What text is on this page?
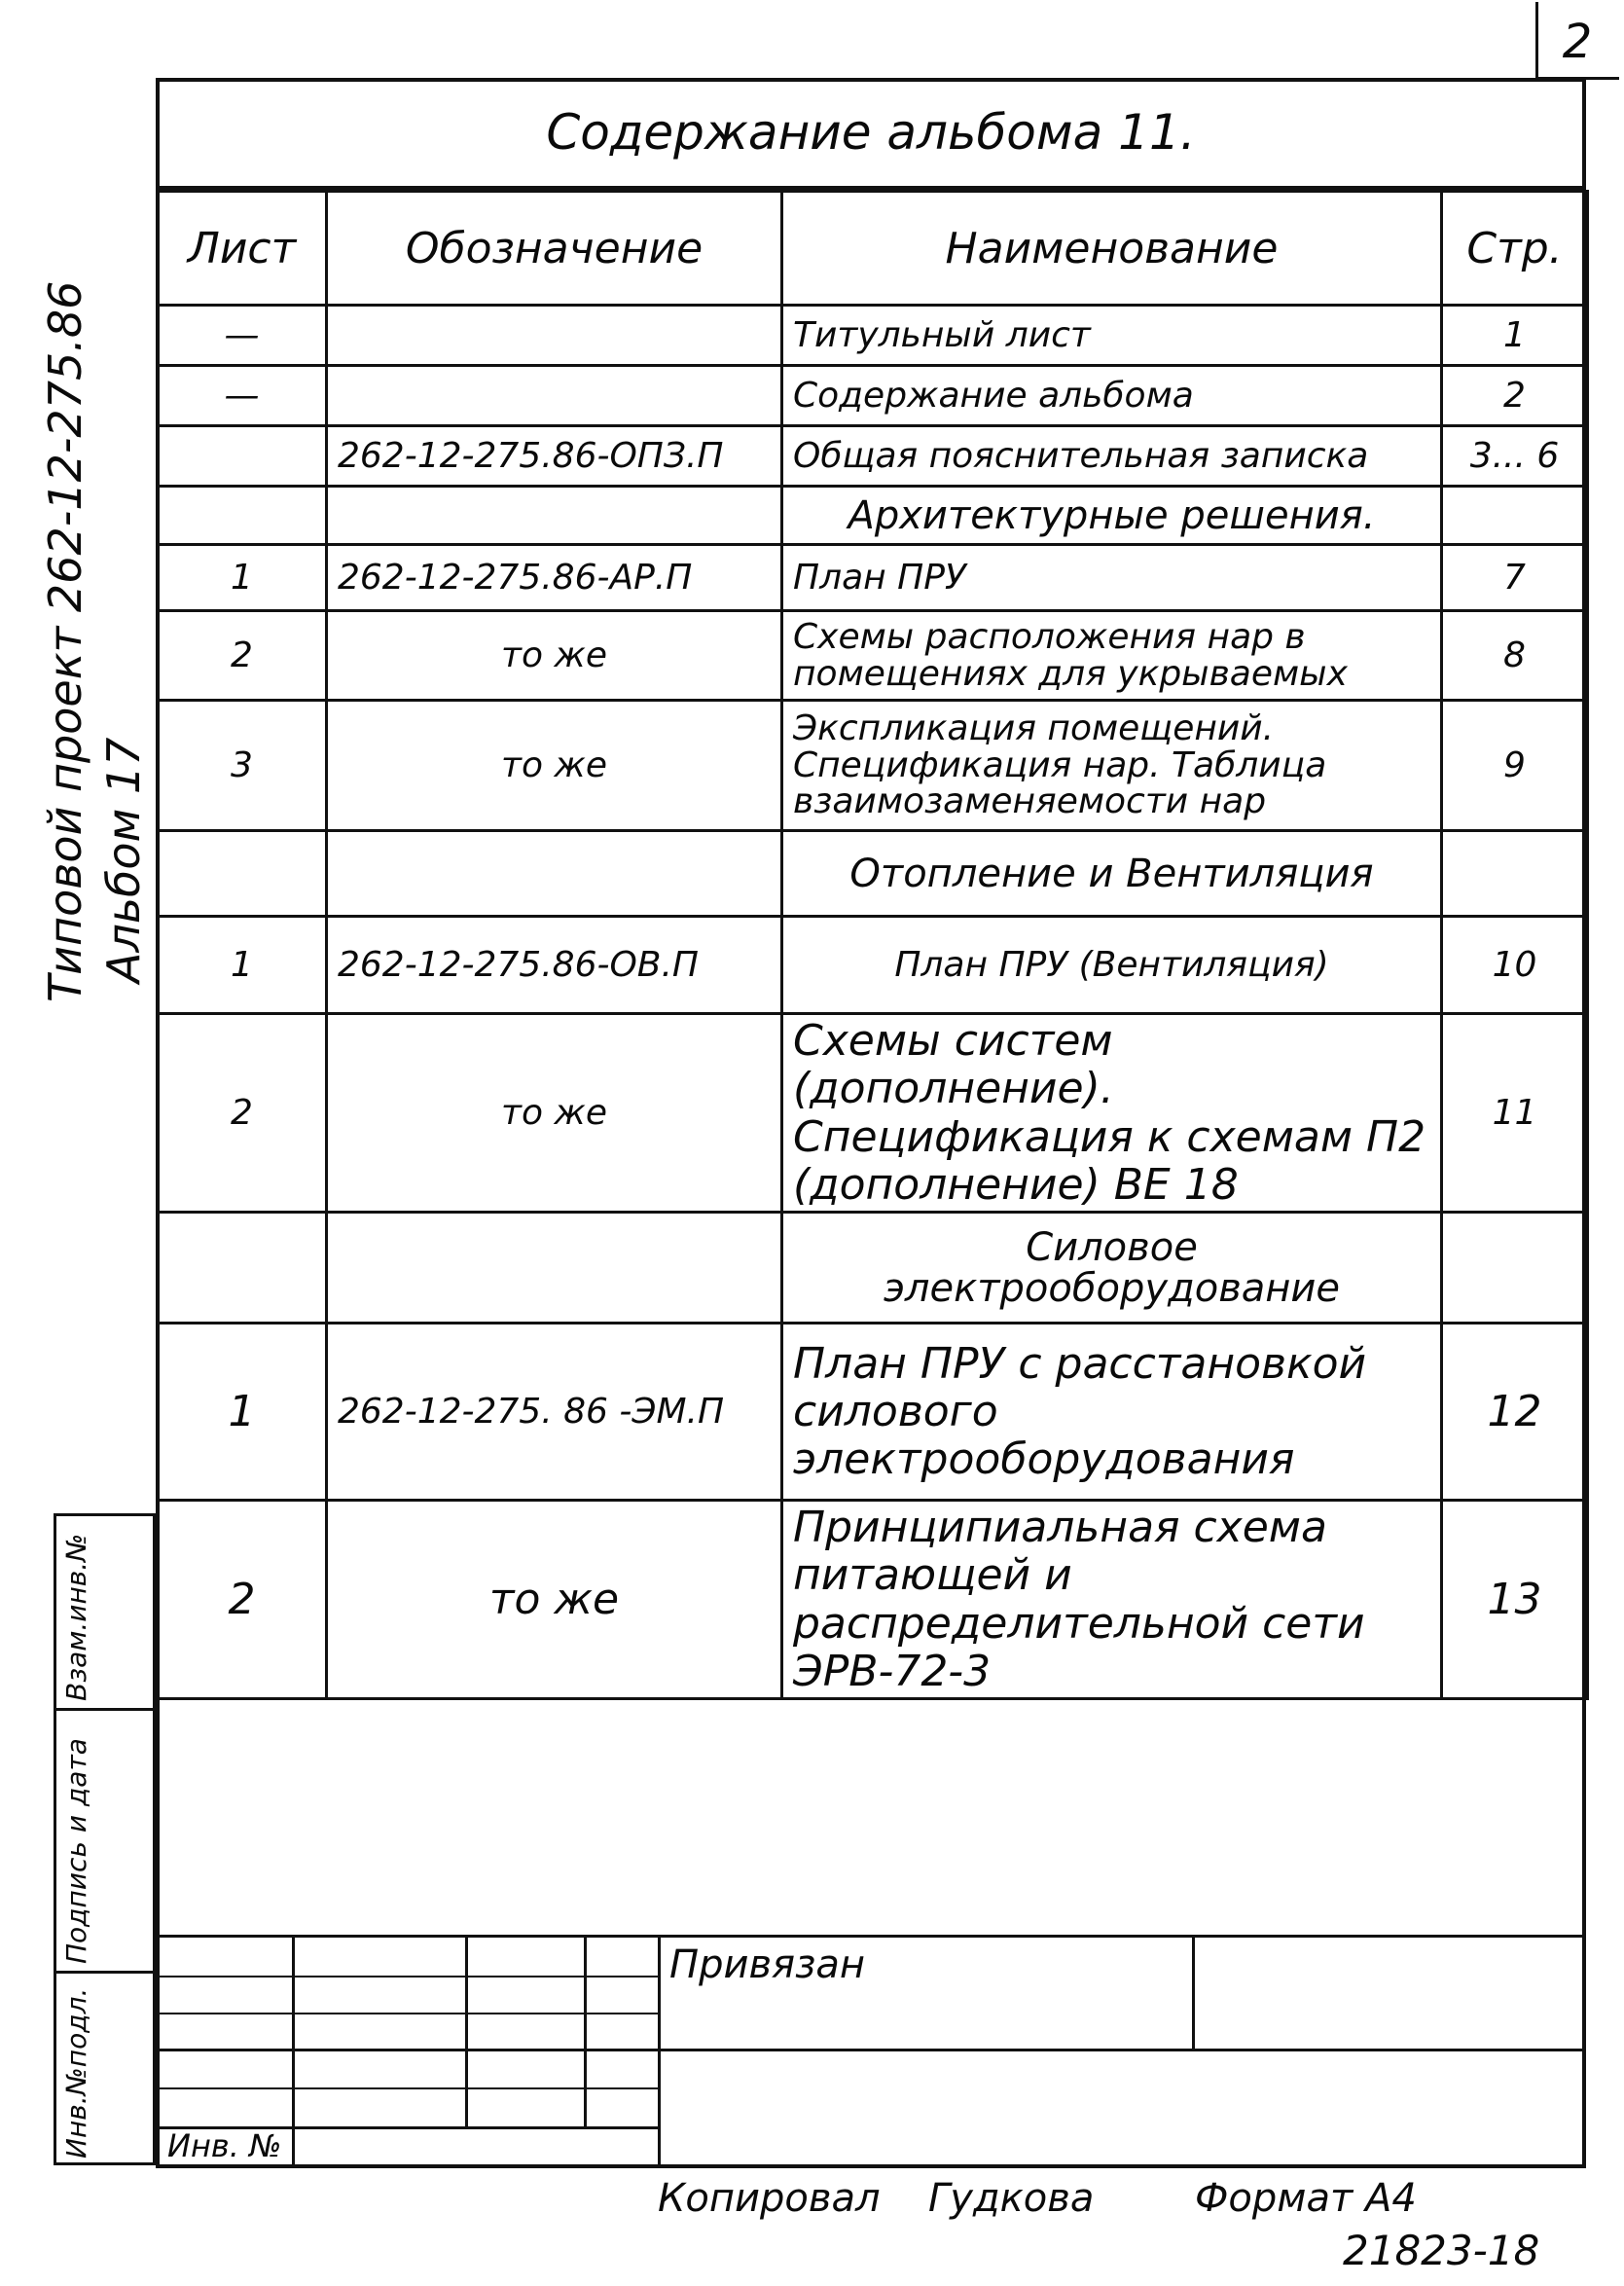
2
Содержание альбома 11.
Лист	Обозначение	Наименование	Стр.
—		Титульный лист	1
—		Содержание альбома	2
	262-12-275.86-ОПЗ.П	Общая пояснительная записка	3... 6
		Архитектурные решения.	
1	262-12-275.86-АР.П	План ПРУ	7
2	то же	Схемы расположения нар в помещениях для укрываемых	8
3	то же	Экспликация помещений. Спецификация нар. Таблица взаимозаменяемости нар	9
		Отопление и Вентиляция	
1	262-12-275.86-ОВ.П	План ПРУ (Вентиляция)	10
2	то же	Схемы систем (дополнение). Спецификация к схемам П2 (дополнение) ВЕ 18	11
		Силовое электрооборудование	
1	262-12-275. 86 -ЭМ.П	План ПРУ с расстановкой силового электрооборудования	12
2	то же	Принципиальная схема питающей и распределительной сети ЭРВ-72-3	13
Типовой проект 262-12-275.86 Альбом 17
Взам.инв.№
Подпись и дата
Инв.№подл.
Привязан
Инв. №
Копировал Гудкова	Формат А4
21823-18
